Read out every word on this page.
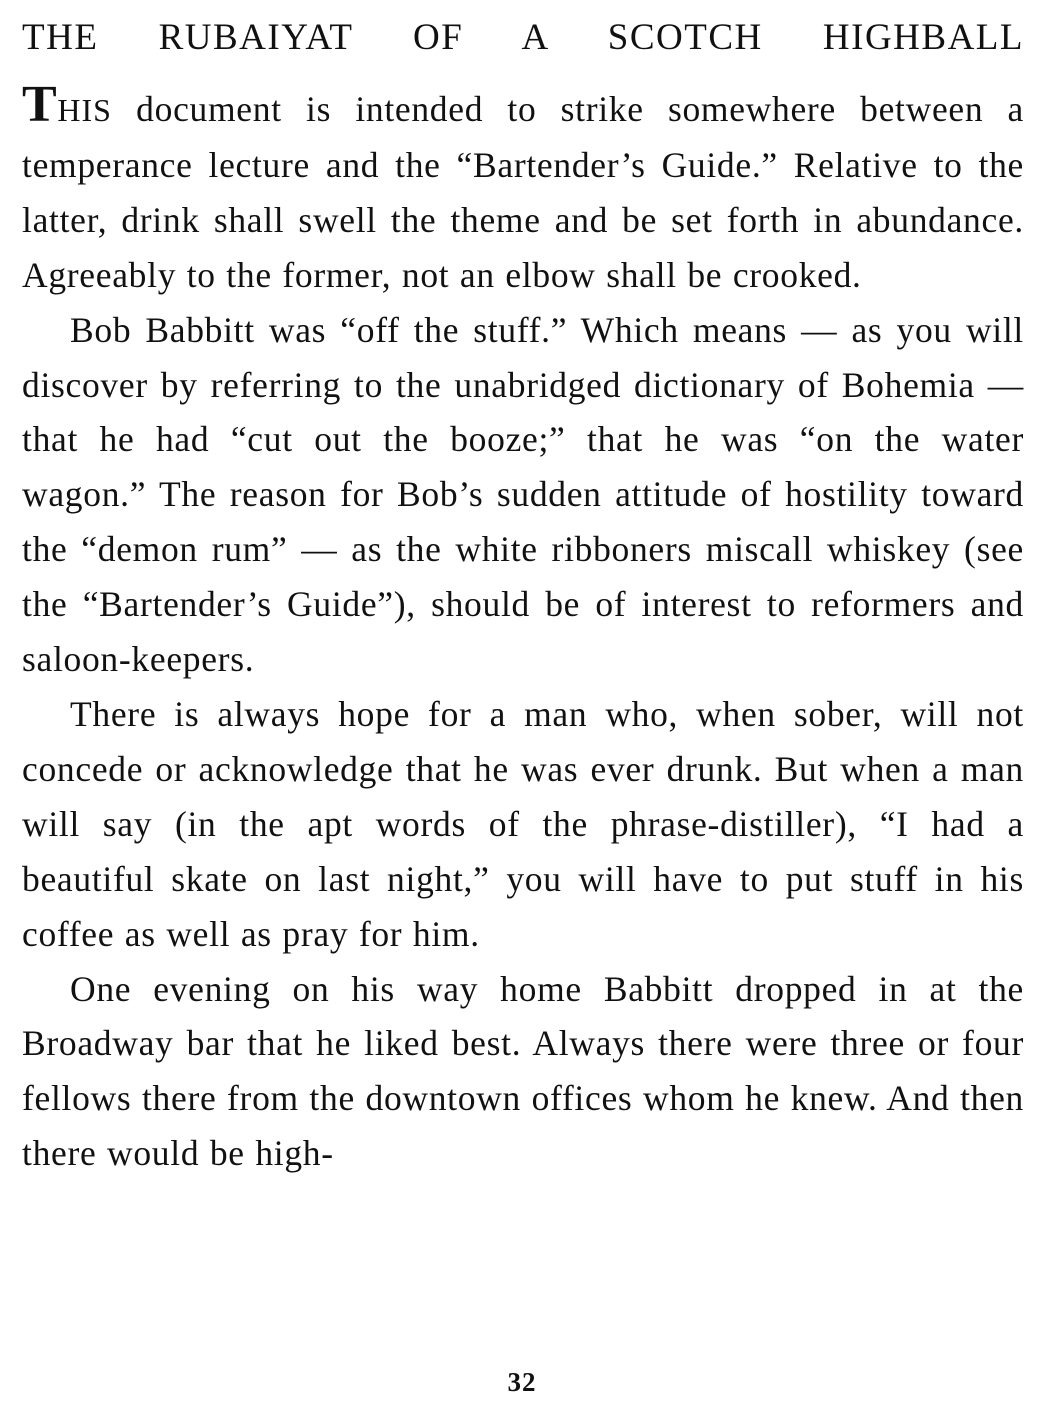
THE RUBAIYAT OF A SCOTCH HIGHBALL

THIS document is intended to strike somewhere between a temperance lecture and the “Bartender’s Guide.” Relative to the latter, drink shall swell the theme and be set forth in abundance. Agreeably to the former, not an elbow shall be crooked.

Bob Babbitt was “off the stuff.” Which means — as you will discover by referring to the unabridged dictionary of Bohemia — that he had “cut out the booze;” that he was “on the water wagon.” The reason for Bob’s sudden attitude of hostility toward the “demon rum” — as the white ribboners miscall whiskey (see the “Bartender’s Guide”), should be of interest to reformers and saloon-keepers.

There is always hope for a man who, when sober, will not concede or acknowledge that he was ever drunk. But when a man will say (in the apt words of the phrase-distiller), “I had a beautiful skate on last night,” you will have to put stuff in his coffee as well as pray for him.

One evening on his way home Babbitt dropped in at the Broadway bar that he liked best. Always there were three or four fellows there from the downtown offices whom he knew. And then there would be high-

32
